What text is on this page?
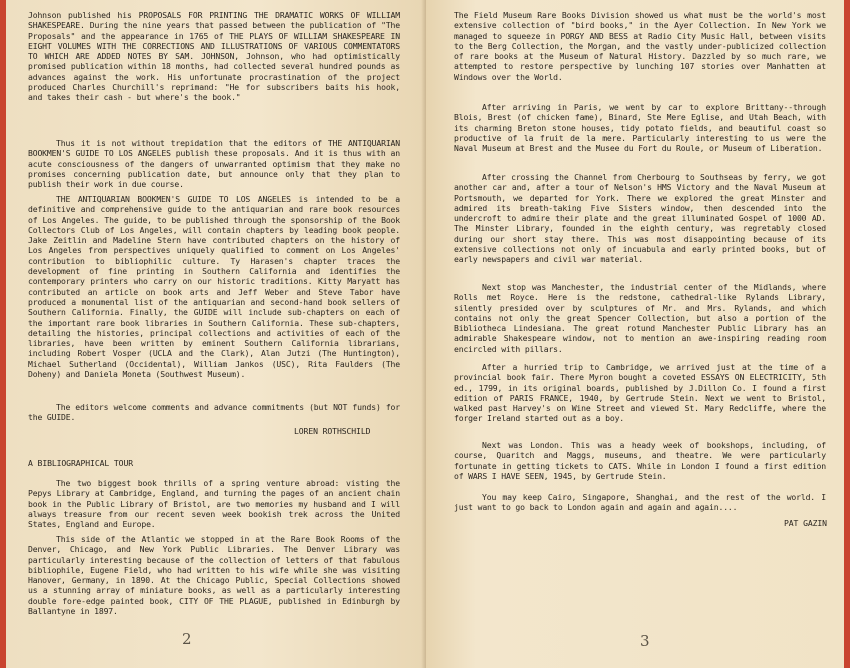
Johnson published his PROPOSALS FOR PRINTING THE DRAMATIC WORKS OF WILLIAM SHAKESPEARE. During the nine years that passed between the publication of "The Proposals" and the appearance in 1765 of THE PLAYS OF WILLIAM SHAKESPEARE IN EIGHT VOLUMES WITH THE CORRECTIONS AND ILLUSTRATIONS OF VARIOUS COMMENTATORS TO WHICH ARE ADDED NOTES BY SAM. JOHNSON, Johnson, who had optimistically promised publication within 18 months, had collected several hundred pounds as advances against the work. His unfortunate procrastination of the project produced Charles Churchill's reprimand: "He for subscribers baits his hook, and takes their cash - but where's the book."

Thus it is not without trepidation that the editors of THE ANTIQUARIAN BOOKMEN'S GUIDE TO LOS ANGELES publish these proposals. And it is thus with an acute consciousness of the dangers of unwarranted optimism that they make no promises concerning publication date, but announce only that they plan to publish their work in due course.

THE ANTIQUARIAN BOOKMEN'S GUIDE TO LOS ANGELES is intended to be a definitive and comprehensive guide to the antiquarian and rare book resources of Los Angeles. The guide, to be published through the sponsorship of the Book Collectors Club of Los Angeles, will contain chapters by leading book people. Jake Zeitlin and Madeline Stern have contributed chapters on the history of Los Angeles from perspectives uniquely qualified to comment on Los Angeles' contribution to bibliophilic culture. Ty Harasen's chapter traces the development of fine printing in Southern California and identifies the contemporary printers who carry on our historic traditions. Kitty Maryatt has contributed an article on book arts and Jeff Weber and Steve Tabor have produced a monumental list of the antiquarian and second-hand book sellers of Southern California. Finally, the GUIDE will include sub-chapters on each of the important rare book libraries in Southern California. These sub-chapters, detailing the histories, principal collections and activities of each of the libraries, have been written by eminent Southern California librarians, including Robert Vosper (UCLA and the Clark), Alan Jutzi (The Huntington), Michael Sutherland (Occidental), William Jankos (USC), Rita Faulders (The Doheny) and Daniela Moneta (Southwest Museum).

The editors welcome comments and advance commitments (but NOT funds) for the GUIDE.

LOREN ROTHSCHILD
A BIBLIOGRAPHICAL TOUR

The two biggest book thrills of a spring venture abroad: visting the Pepys Library at Cambridge, England, and turning the pages of an ancient chain book in the Public Library of Bristol, are two memories my husband and I will always treasure from our recent seven week bookish trek across the United States, England and Europe.

This side of the Atlantic we stopped in at the Rare Book Rooms of the Denver, Chicago, and New York Public Libraries. The Denver Library was particularly interesting because of the collection of letters of that fabulous bibliophile, Eugene Field, who had written to his wife while she was visiting Hanover, Germany, in 1890. At the Chicago Public, Special Collections showed us a stunning array of miniature books, as well as a particularly interesting double fore-edge painted book, CITY OF THE PLAGUE, published in Edinburgh by Ballantyne in 1897.

2

The Field Museum Rare Books Division showed us what must be the world's most extensive collection of "bird books," in the Ayer Collection. In New York we managed to squeeze in PORGY AND BESS at Radio City Music Hall, between visits to the Berg Collection, the Morgan, and the vastly under-publicized collection of rare books at the Museum of Natural History. Dazzled by so much rare, we attempted to restore perspective by lunching 107 stories over Manhatten at Windows over the World.

After arriving in Paris, we went by car to explore Brittany--through Blois, Brest (of chicken fame), Binard, Ste Mere Eglise, and Utah Beach, with its charming Breton stone houses, tidy potato fields, and beautiful coast so productive of la fruit de la mere. Particularly interesting to us were the Naval Museum at Brest and the Musee du Fort du Roule, or Museum of Liberation.

After crossing the Channel from Cherbourg to Southseas by ferry, we got another car and, after a tour of Nelson's HMS Victory and the Naval Museum at Portsmouth, we departed for York. There we explored the great Minster and admired its breath-taking Five Sisters window, then descended into the undercroft to admire their plate and the great illuminated Gospel of 1000 AD. The Minster Library, founded in the eighth century, was regretably closed during our short stay there. This was most disappointing because of its extensive collections not only of incuabula and early printed books, but of early newspapers and civil war material.

Next stop was Manchester, the industrial center of the Midlands, where Rolls met Royce. Here is the redstone, cathedral-like Rylands Library, silently presided over by sculptures of Mr. and Mrs. Rylands, and which contains not only the great Spencer Collection, but also a portion of the Bibliotheca Lindesiana. The great rotund Manchester Public Library has an admirable Shakespeare window, not to mention an awe-inspiring reading room encircled with pillars.

After a hurried trip to Cambridge, we arrived just at the time of a provincial book fair. There Myron bought a coveted ESSAYS ON ELECTRICITY, 5th ed., 1799, in its original boards, published by J.Dillon Co. I found a first edition of PARIS FRANCE, 1940, by Gertrude Stein. Next we went to Bristol, walked past Harvey's on Wine Street and viewed St. Mary Redcliffe, where the forger Ireland started out as a boy.

Next was London. This was a heady week of bookshops, including, of course, Quaritch and Maggs, museums, and theatre. We were particularly fortunate in getting tickets to CATS. While in London I found a first edition of WARS I HAVE SEEN, 1945, by Gertrude Stein.

You may keep Cairo, Singapore, Shanghai, and the rest of the world. I just want to go back to London again and again and again....

PAT GAZIN
3
